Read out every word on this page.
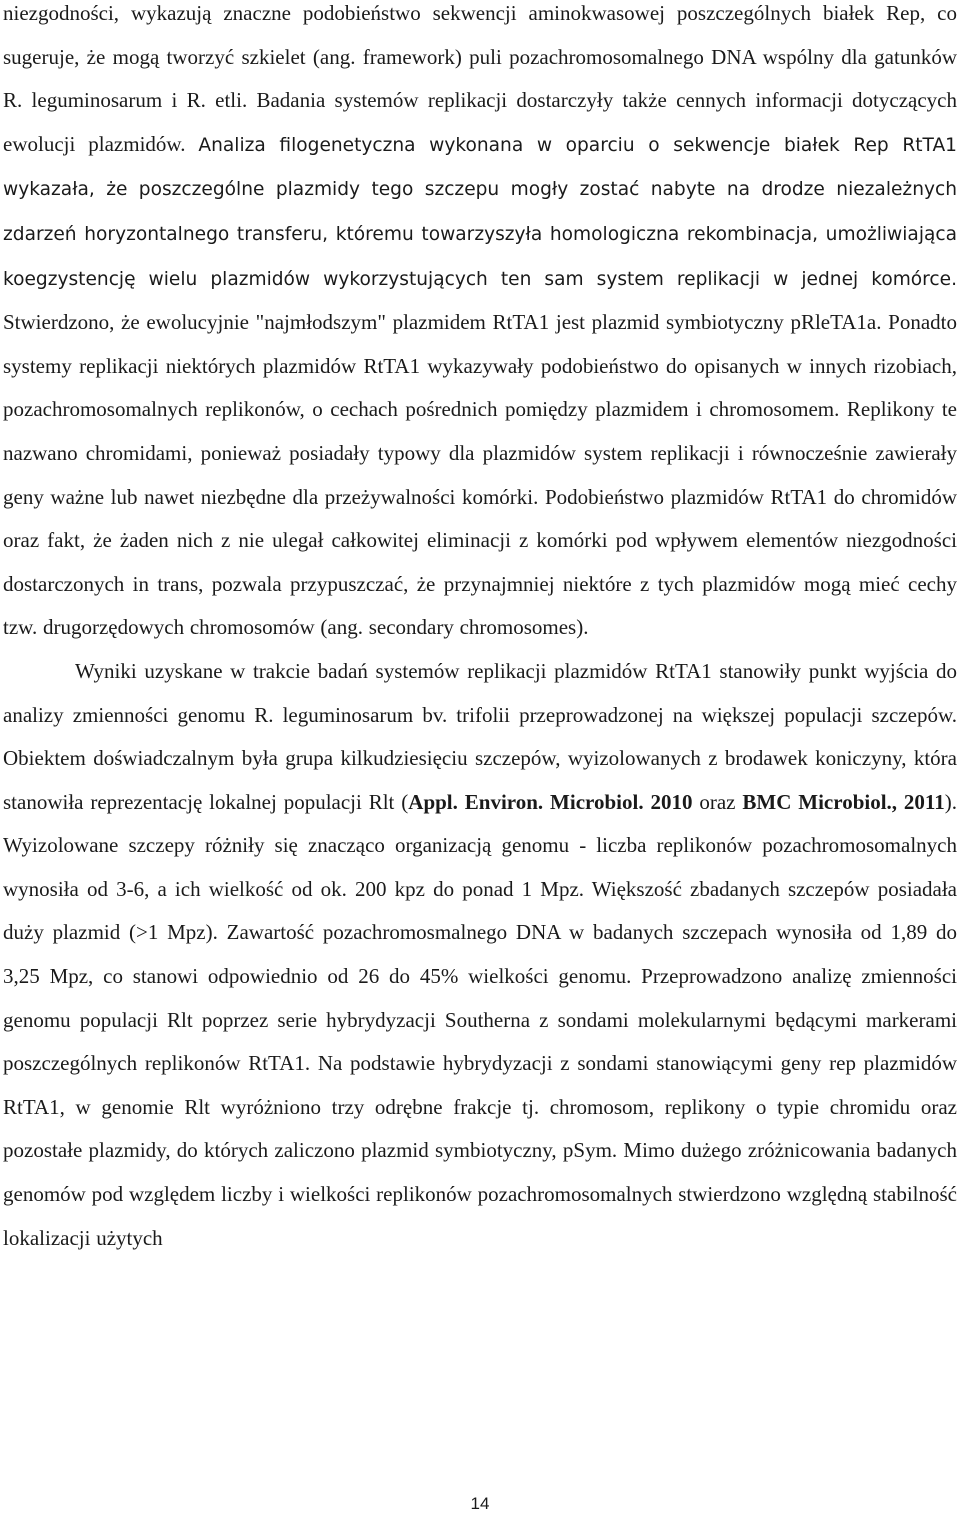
niezgodności, wykazują znaczne podobieństwo sekwencji aminokwasowej poszczególnych białek Rep, co sugeruje, że mogą tworzyć szkielet (ang. framework) puli pozachromosomalnego DNA wspólny dla gatunków R. leguminosarum i R. etli. Badania systemów replikacji dostarczyły także cennych informacji dotyczących ewolucji plazmidów. Analiza filogenetyczna wykonana w oparciu o sekwencje białek Rep RtTA1 wykazała, że poszczególne plazmidy tego szczepu mogły zostać nabyte na drodze niezależnych zdarzeń horyzontalnego transferu, któremu towarzyszyła homologiczna rekombinacja, umożliwiająca koegzystencję wielu plazmidów wykorzystujących ten sam system replikacji w jednej komórce. Stwierdzono, że ewolucyjnie "najmłodszym" plazmidem RtTA1 jest plazmid symbiotyczny pRleTA1a. Ponadto systemy replikacji niektórych plazmidów RtTA1 wykazywały podobieństwo do opisanych w innych rizobiach, pozachromosomalnych replikonów, o cechach pośrednich pomiędzy plazmidem i chromosomem. Replikony te nazwano chromidami, ponieważ posiadały typowy dla plazmidów system replikacji i równocześnie zawierały geny ważne lub nawet niezbędne dla przeżywalności komórki. Podobieństwo plazmidów RtTA1 do chromidów oraz fakt, że żaden nich z nie ulegał całkowitej eliminacji z komórki pod wpływem elementów niezgodności dostarczonych in trans, pozwala przypuszczać, że przynajmniej niektóre z tych plazmidów mogą mieć cechy tzw. drugorzędowych chromosomów (ang. secondary chromosomes).

Wyniki uzyskane w trakcie badań systemów replikacji plazmidów RtTA1 stanowiły punkt wyjścia do analizy zmienności genomu R. leguminosarum bv. trifolii przeprowadzonej na większej populacji szczepów. Obiektem doświadczalnym była grupa kilkudziesięciu szczepów, wyizolowanych z brodawek koniczyny, która stanowiła reprezentację lokalnej populacji Rlt (Appl. Environ. Microbiol. 2010 oraz BMC Microbiol., 2011). Wyizolowane szczepy różniły się znacząco organizacją genomu - liczba replikonów pozachromosomalnych wynosiła od 3-6, a ich wielkość od ok. 200 kpz do ponad 1 Mpz. Większość zbadanych szczepów posiadała duży plazmid (>1 Mpz). Zawartość pozachromosmalnego DNA w badanych szczepach wynosiła od 1,89 do 3,25 Mpz, co stanowi odpowiednio od 26 do 45% wielkości genomu. Przeprowadzono analizę zmienności genomu populacji Rlt poprzez serie hybrydyzacji Southerna z sondami molekularnymi będącymi markerami poszczególnych replikonów RtTA1. Na podstawie hybrydyzacji z sondami stanowiącymi geny rep plazmidów RtTA1, w genomie Rlt wyróżniono trzy odrębne frakcje tj. chromosom, replikony o typie chromidu oraz pozostałe plazmidy, do których zaliczono plazmid symbiotyczny, pSym. Mimo dużego zróżnicowania badanych genomów pod względem liczby i wielkości replikonów pozachromosomalnych stwierdzono względną stabilność lokalizacji użytych

14
